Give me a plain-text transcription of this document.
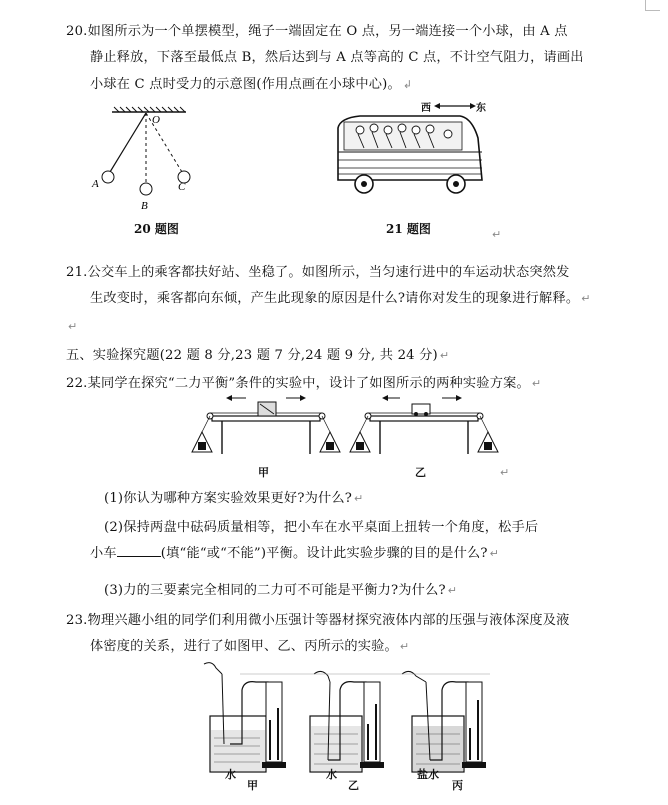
20.如图所示为一个单摆模型，绳子一端固定在 O 点，另一端连接一个小球，由 A 点
静止释放，下落至最低点 B，然后达到与 A 点等高的 C 点，不计空气阻力，请画出
小球在 C 点时受力的示意图(作用点画在小球中心)。 ↲
O
A
B
C
20 题图
西	东
21 题图	↵
21.公交车上的乘客都扶好站、坐稳了。如图所示，当匀速行进中的车运动状态突然发
生改变时，乘客都向东倾，产生此现象的原因是什么?请你对发生的现象进行解释。 ↵
↵
五、实验探究题(22 题 8 分,23 题 7 分,24 题 9 分, 共 24 分) ↵
22.某同学在探究“二力平衡”条件的实验中，设计了如图所示的两种实验方案。 ↵
甲	乙	↵
(1)你认为哪种方案实验效果更好?为什么? ↵
(2)保持两盘中砝码质量相等，把小车在水平桌面上扭转一个角度，松手后
小车	(填“能“或“不能”)平衡。设计此实验步骤的目的是什么? ↵
(3)力的三要素完全相同的二力可不可能是平衡力?为什么? ↵
23.物理兴趣小组的同学们利用微小压强计等器材探究液体内部的压强与液体深度及液
体密度的关系，进行了如图甲、乙、丙所示的实验。 ↵
水
甲
水
乙
盐水
丙
